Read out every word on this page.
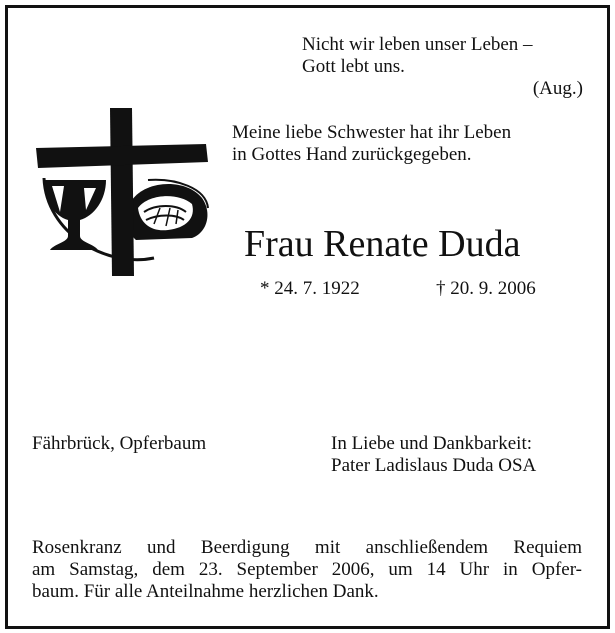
Nicht wir leben unser Leben –
Gott lebt uns.
(Aug.)
Meine liebe Schwester hat ihr Leben
in Gottes Hand zurückgegeben.
Frau Renate Duda
* 24. 7. 1922	† 20. 9. 2006
Fährbrück, Opferbaum	In Liebe und Dankbarkeit:
Pater Ladislaus Duda OSA
Rosenkranz und Beerdigung mit anschließendem Requiem
am Samstag, dem 23. September 2006, um 14 Uhr in Opfer-
baum. Für alle Anteilnahme herzlichen Dank.
